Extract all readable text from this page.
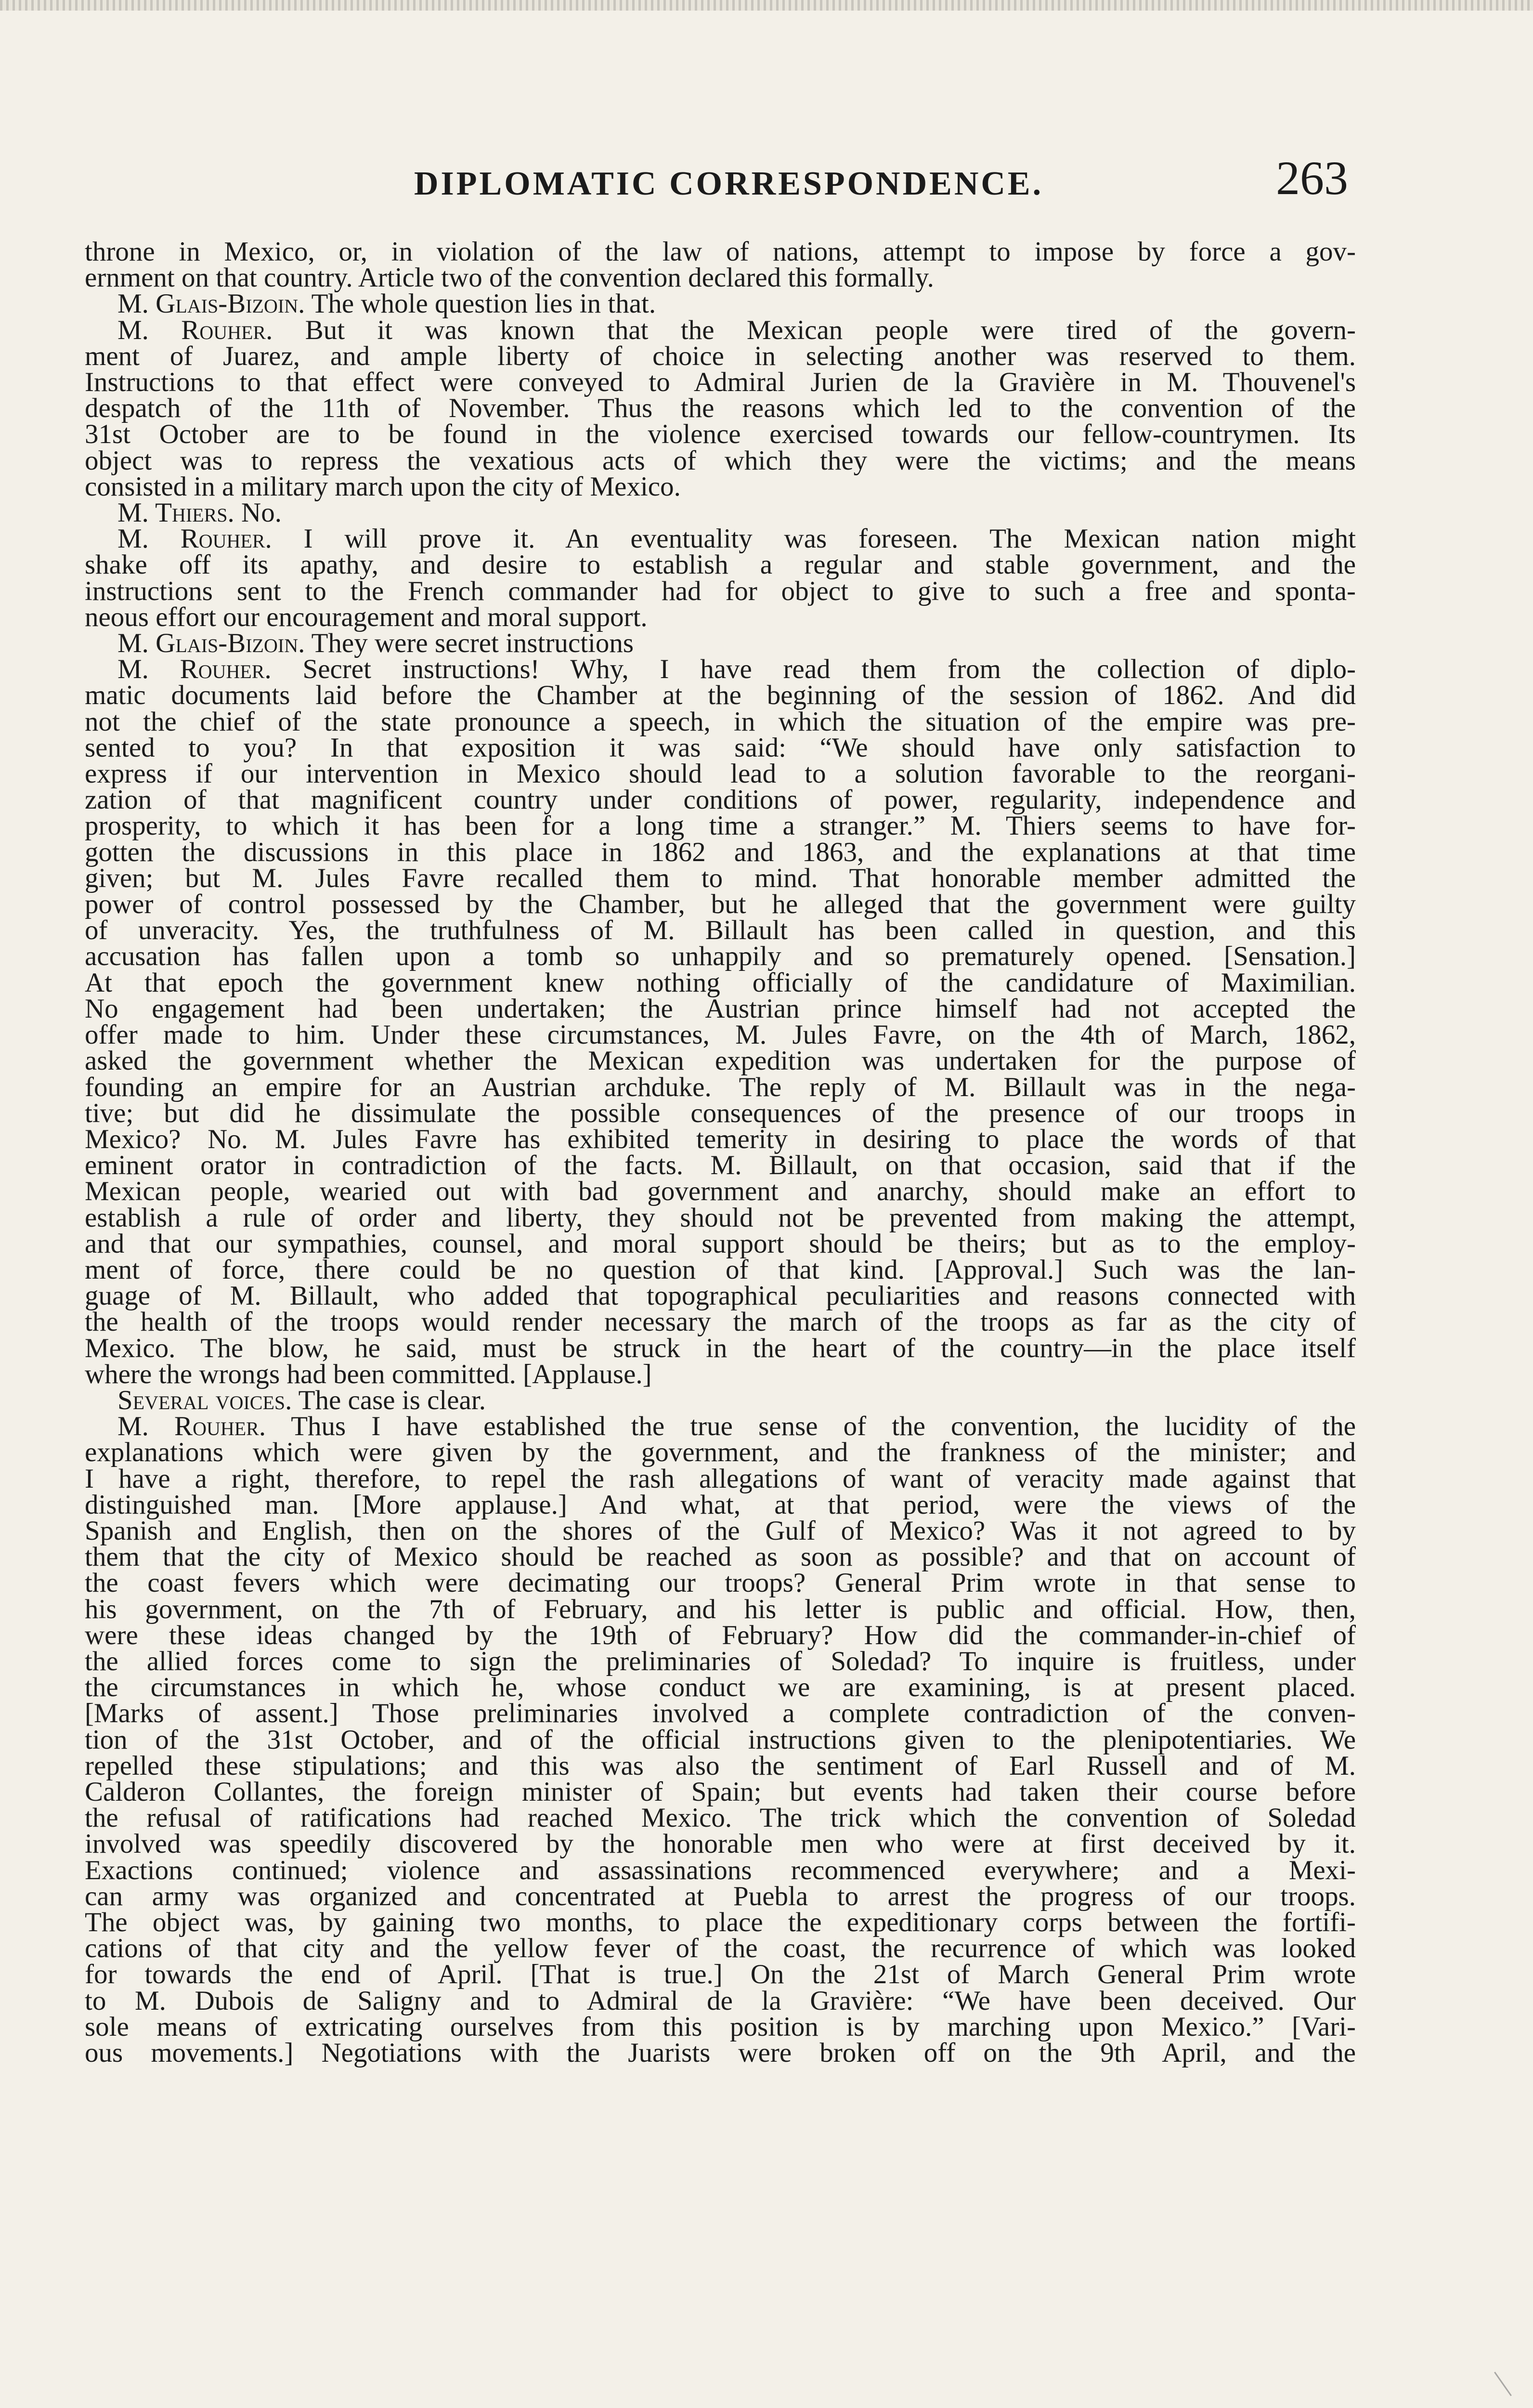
DIPLOMATIC CORRESPONDENCE.	263
throne in Mexico, or, in violation of the law of nations, attempt to impose by force a gov-
ernment on that country. Article two of the convention declared this formally.
M. Glais-Bizoin. The whole question lies in that.
M. Rouher. But it was known that the Mexican people were tired of the govern-
ment of Juarez, and ample liberty of choice in selecting another was reserved to them.
Instructions to that effect were conveyed to Admiral Jurien de la Gravière in M. Thouvenel's
despatch of the 11th of November. Thus the reasons which led to the convention of the
31st October are to be found in the violence exercised towards our fellow-countrymen. Its
object was to repress the vexatious acts of which they were the victims; and the means
consisted in a military march upon the city of Mexico.
M. Thiers. No.
M. Rouher. I will prove it. An eventuality was foreseen. The Mexican nation might
shake off its apathy, and desire to establish a regular and stable government, and the
instructions sent to the French commander had for object to give to such a free and sponta-
neous effort our encouragement and moral support.
M. Glais-Bizoin. They were secret instructions
M. Rouher. Secret instructions! Why, I have read them from the collection of diplo-
matic documents laid before the Chamber at the beginning of the session of 1862. And did
not the chief of the state pronounce a speech, in which the situation of the empire was pre-
sented to you? In that exposition it was said: “We should have only satisfaction to
express if our intervention in Mexico should lead to a solution favorable to the reorgani-
zation of that magnificent country under conditions of power, regularity, independence and
prosperity, to which it has been for a long time a stranger.” M. Thiers seems to have for-
gotten the discussions in this place in 1862 and 1863, and the explanations at that time
given; but M. Jules Favre recalled them to mind. That honorable member admitted the
power of control possessed by the Chamber, but he alleged that the government were guilty
of unveracity. Yes, the truthfulness of M. Billault has been called in question, and this
accusation has fallen upon a tomb so unhappily and so prematurely opened. [Sensation.]
At that epoch the government knew nothing officially of the candidature of Maximilian.
No engagement had been undertaken; the Austrian prince himself had not accepted the
offer made to him. Under these circumstances, M. Jules Favre, on the 4th of March, 1862,
asked the government whether the Mexican expedition was undertaken for the purpose of
founding an empire for an Austrian archduke. The reply of M. Billault was in the nega-
tive; but did he dissimulate the possible consequences of the presence of our troops in
Mexico? No. M. Jules Favre has exhibited temerity in desiring to place the words of that
eminent orator in contradiction of the facts. M. Billault, on that occasion, said that if the
Mexican people, wearied out with bad government and anarchy, should make an effort to
establish a rule of order and liberty, they should not be prevented from making the attempt,
and that our sympathies, counsel, and moral support should be theirs; but as to the employ-
ment of force, there could be no question of that kind. [Approval.] Such was the lan-
guage of M. Billault, who added that topographical peculiarities and reasons connected with
the health of the troops would render necessary the march of the troops as far as the city of
Mexico. The blow, he said, must be struck in the heart of the country—in the place itself
where the wrongs had been committed. [Applause.]
Several voices. The case is clear.
M. Rouher. Thus I have established the true sense of the convention, the lucidity of the
explanations which were given by the government, and the frankness of the minister; and
I have a right, therefore, to repel the rash allegations of want of veracity made against that
distinguished man. [More applause.] And what, at that period, were the views of the
Spanish and English, then on the shores of the Gulf of Mexico? Was it not agreed to by
them that the city of Mexico should be reached as soon as possible? and that on account of
the coast fevers which were decimating our troops? General Prim wrote in that sense to
his government, on the 7th of February, and his letter is public and official. How, then,
were these ideas changed by the 19th of February? How did the commander-in-chief of
the allied forces come to sign the preliminaries of Soledad? To inquire is fruitless, under
the circumstances in which he, whose conduct we are examining, is at present placed.
[Marks of assent.] Those preliminaries involved a complete contradiction of the conven-
tion of the 31st October, and of the official instructions given to the plenipotentiaries. We
repelled these stipulations; and this was also the sentiment of Earl Russell and of M.
Calderon Collantes, the foreign minister of Spain; but events had taken their course before
the refusal of ratifications had reached Mexico. The trick which the convention of Soledad
involved was speedily discovered by the honorable men who were at first deceived by it.
Exactions continued; violence and assassinations recommenced everywhere; and a Mexi-
can army was organized and concentrated at Puebla to arrest the progress of our troops.
The object was, by gaining two months, to place the expeditionary corps between the fortifi-
cations of that city and the yellow fever of the coast, the recurrence of which was looked
for towards the end of April. [That is true.] On the 21st of March General Prim wrote
to M. Dubois de Saligny and to Admiral de la Gravière: “We have been deceived. Our
sole means of extricating ourselves from this position is by marching upon Mexico.” [Vari-
ous movements.] Negotiations with the Juarists were broken off on the 9th April, and the
